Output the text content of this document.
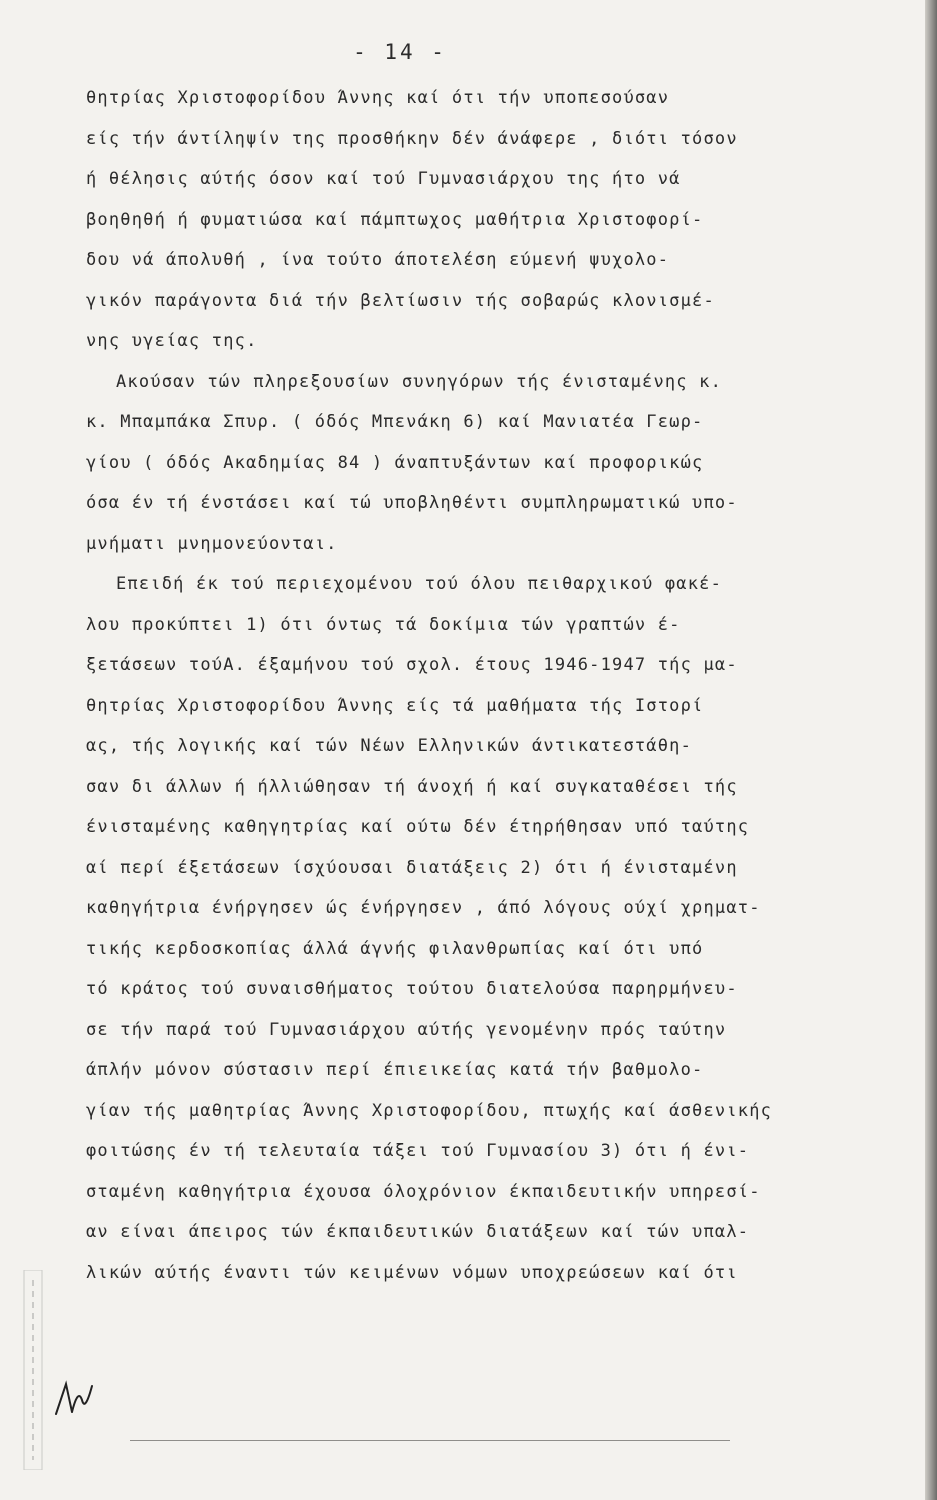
- 14 -
θητρίας Χριστοφορίδου Άννης καί ότι τήν υποπεσούσαν
είς τήν άντίληψίν της προσθήκην δέν άνάφερε , διότι τόσον
ή θέλησις αύτής όσον καί τού Γυμνασιάρχου της ήτο νά
βοηθηθή ή φυματιώσα καί πάμπτωχος μαθήτρια Χριστοφορί-
δου νά άπολυθή , ίνα τούτο άποτελέση εύμενή ψυχολο-
γικόν παράγοντα διά τήν βελτίωσιν τής σοβαρώς κλονισμέ-
νης υγείας της.
Ακούσαν τών πληρεξουσίων συνηγόρων τής ένισταμένης κ.
κ. Μπαμπάκα Σπυρ. ( όδός Μπενάκη 6) καί Μανιατέα Γεωρ-
γίου ( όδός Ακαδημίας 84 ) άναπτυξάντων καί προφορικώς
όσα έν τή ένστάσει καί τώ υποβληθέντι συμπληρωματικώ υπο-
μνήματι μνημονεύονται.
Επειδή έκ τού περιεχομένου τού όλου πειθαρχικού φακέ-
λου προκύπτει 1) ότι όντως τά δοκίμια τών γραπτών έ-
ξετάσεων τούΑ. έξαμήνου τού σχολ. έτους 1946-1947 τής μα-
θητρίας Χριστοφορίδου Άννης είς τά μαθήματα τής Ιστορί
ας, τής λογικής καί τών Νέων Ελληνικών άντικατεστάθη-
σαν δι άλλων ή ήλλιώθησαν τή άνοχή ή καί συγκαταθέσει τής
ένισταμένης καθηγητρίας καί ούτω δέν έτηρήθησαν υπό ταύτης
αί περί έξετάσεων ίσχύουσαι διατάξεις 2) ότι ή ένισταμένη
καθηγήτρια ένήργησεν ώς ένήργησεν , άπό λόγους ούχί χρηματ-
τικής κερδοσκοπίας άλλά άγνής φιλανθρωπίας καί ότι υπό
τό κράτος τού συναισθήματος τούτου διατελούσα παρηρμήνευ-
σε τήν παρά τού Γυμνασιάρχου αύτής γενομένην πρός ταύτην
άπλήν μόνον σύστασιν περί έπιεικείας κατά τήν βαθμολο-
γίαν τής μαθητρίας Άννης Χριστοφορίδου, πτωχής καί άσθενικής
φοιτώσης έν τή τελευταία τάξει τού Γυμνασίου 3) ότι ή ένι-
σταμένη καθηγήτρια έχουσα όλοχρόνιον έκπαιδευτικήν υπηρεσί-
αν είναι άπειρος τών έκπαιδευτικών διατάξεων καί τών υπαλ-
λικών αύτής έναντι τών κειμένων νόμων υποχρεώσεων καί ότι
